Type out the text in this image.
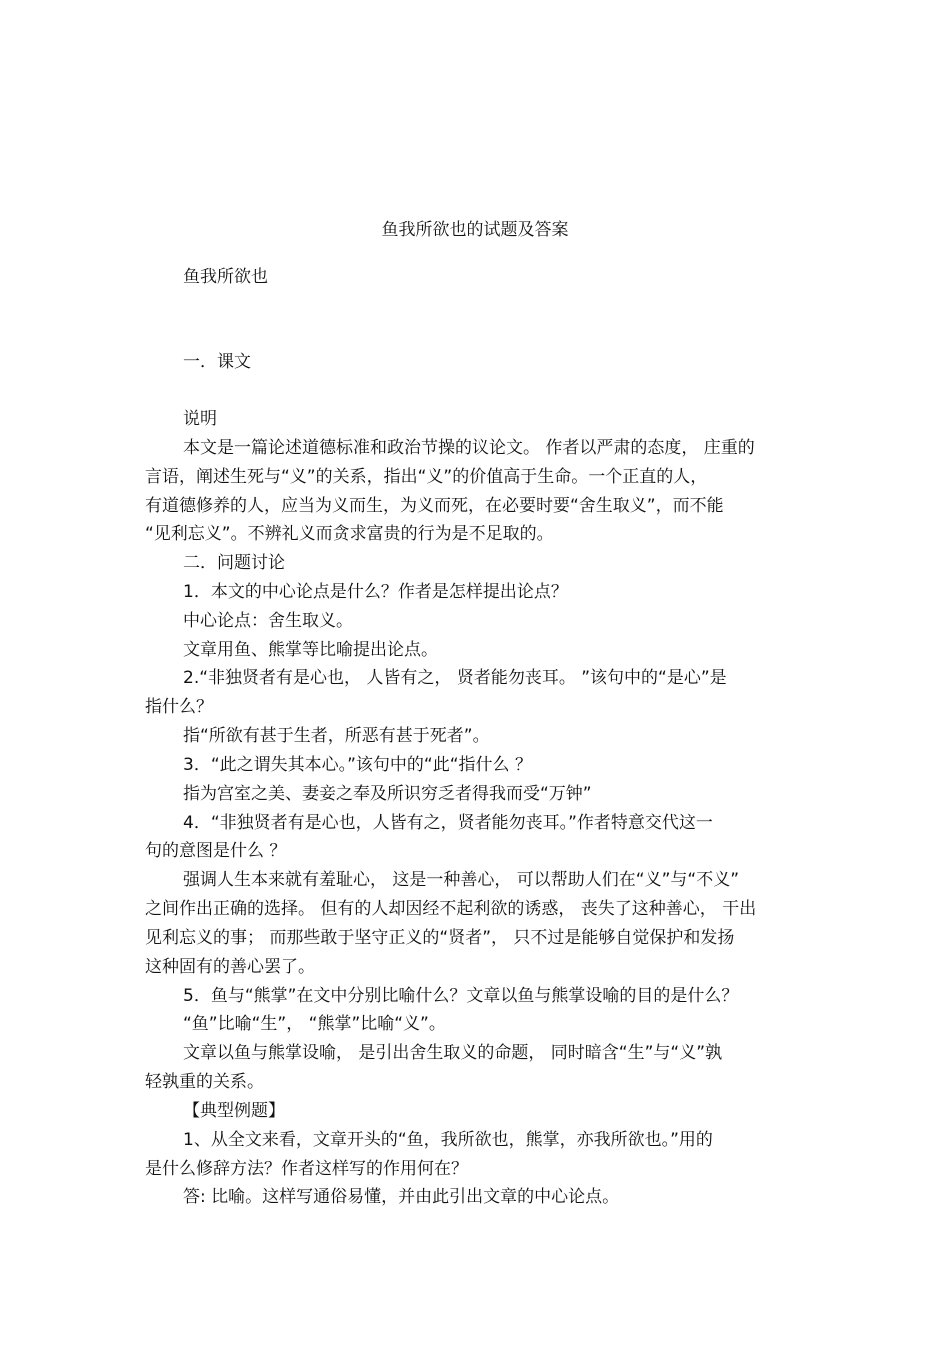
鱼我所欲也的试题及答案
鱼我所欲也
一．课文
说明
本文是一篇论述道德标准和政治节操的议论文。 作者以严肃的态度， 庄重的
言语，阐述生死与“义”的关系，指出“义”的价值高于生命。一个正直的人，
有道德修养的人，应当为义而生，为义而死，在必要时要“舍生取义”，而不能
“见利忘义”。不辨礼义而贪求富贵的行为是不足取的。
二．问题讨论
1．本文的中心论点是什么？作者是怎样提出论点？
中心论点：舍生取义。
文章用鱼、熊掌等比喻提出论点。
2.“非独贤者有是心也， 人皆有之， 贤者能勿丧耳。 ”该句中的“是心”是
指什么？
指“所欲有甚于生者，所恶有甚于死者”。
3．“此之谓失其本心。”该句中的“此“指什么 ？
指为宫室之美、妻妾之奉及所识穷乏者得我而受“万钟”
4．“非独贤者有是心也，人皆有之，贤者能勿丧耳。”作者特意交代这一
句的意图是什么 ？
强调人生本来就有羞耻心， 这是一种善心， 可以帮助人们在“义”与“不义”
之间作出正确的选择。 但有的人却因经不起利欲的诱惑， 丧失了这种善心， 干出
见利忘义的事； 而那些敢于坚守正义的“贤者”， 只不过是能够自觉保护和发扬
这种固有的善心罢了。
5．鱼与“熊掌”在文中分别比喻什么？文章以鱼与熊掌设喻的目的是什么？
“鱼”比喻“生”， “熊掌”比喻“义”。
文章以鱼与熊掌设喻， 是引出舍生取义的命题， 同时暗含“生”与“义”孰
轻孰重的关系。
【典型例题】
1、从全文来看，文章开头的“鱼，我所欲也，熊掌，亦我所欲也。”用的
是什么修辞方法？作者这样写的作用何在？
答: 比喻。这样写通俗易懂，并由此引出文章的中心论点。
